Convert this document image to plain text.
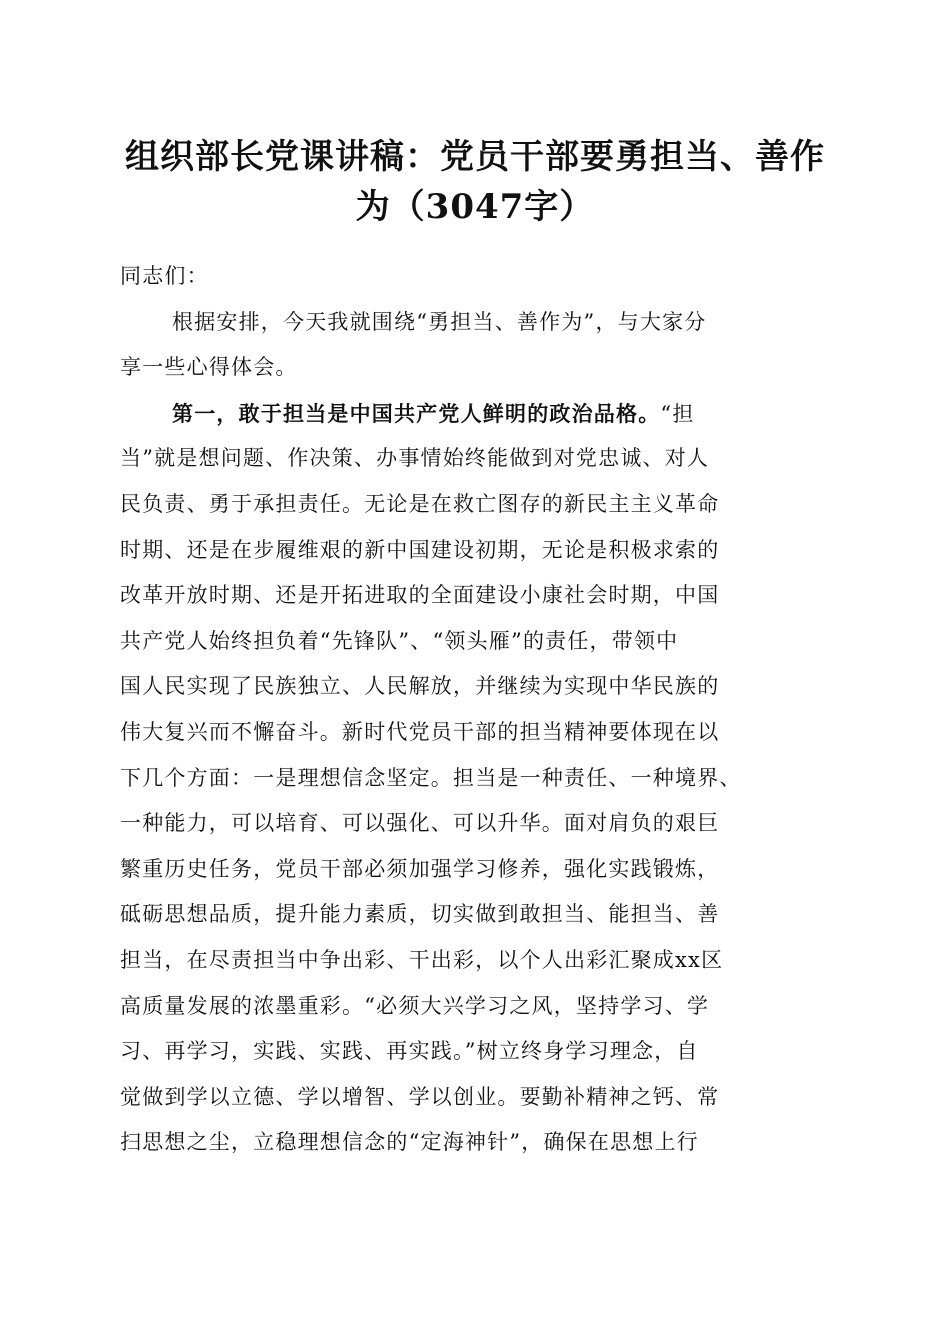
组织部长党课讲稿：党员干部要勇担当、善作
为（3047字）
同志们：
根据安排，今天我就围绕“勇担当、善作为”，与大家分
享一些心得体会。
第一，敢于担当是中国共产党人鲜明的政治品格。“担
当”就是想问题、作决策、办事情始终能做到对党忠诚、对人
民负责、勇于承担责任。无论是在救亡图存的新民主主义革命
时期、还是在步履维艰的新中国建设初期，无论是积极求索的
改革开放时期、还是开拓进取的全面建设小康社会时期，中国
共产党人始终担负着“先锋队”、“领头雁”的责任，带领中
国人民实现了民族独立、人民解放，并继续为实现中华民族的
伟大复兴而不懈奋斗。新时代党员干部的担当精神要体现在以
下几个方面：一是理想信念坚定。担当是一种责任、一种境界、
一种能力，可以培育、可以强化、可以升华。面对肩负的艰巨
繁重历史任务，党员干部必须加强学习修养，强化实践锻炼，
砥砺思想品质，提升能力素质，切实做到敢担当、能担当、善
担当，在尽责担当中争出彩、干出彩，以个人出彩汇聚成xx区
高质量发展的浓墨重彩。“必须大兴学习之风，坚持学习、学
习、再学习，实践、实践、再实践。”树立终身学习理念，自
觉做到学以立德、学以增智、学以创业。要勤补精神之钙、常
扫思想之尘，立稳理想信念的“定海神针”，确保在思想上行
